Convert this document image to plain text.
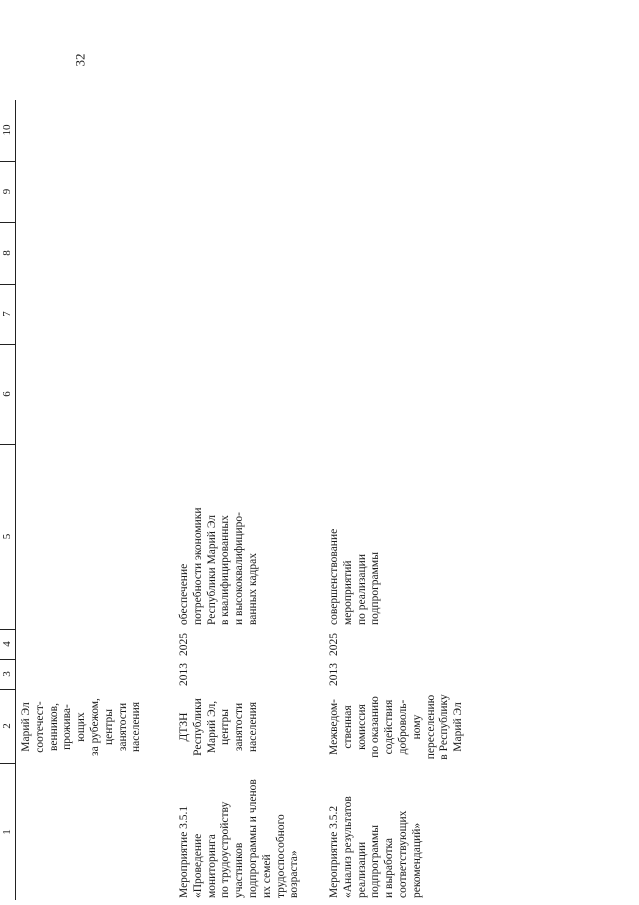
32
1
2
3
4
5
6
7
8
9
10
Марий Эл
соотечест-
венников,
прожива-
ющих
за рубежом,
центры
занятости
населения
Мероприятие 3.5.1
«Проведение
мониторинга
по трудоустройству
участников
подпрограммы и членов
их семей
трудоспособного
возраста»
ДТЗН
Республики
Марий Эл,
центры
занятости
населения
2013
2025
обеспечение
потребности экономики
Республики Марий Эл
в квалифицированных
и высококвалифициро-
ванных кадрах
Мероприятие 3.5.2
«Анализ результатов
реализации
подпрограммы
и выработка
соответствующих
рекомендаций»
Межведом-
ственная
комиссия
по оказанию
содействия
доброволь-
ному
переселению
в Республику
Марий Эл
2013
2025
совершенствование
мероприятий
по реализации
подпрограммы
